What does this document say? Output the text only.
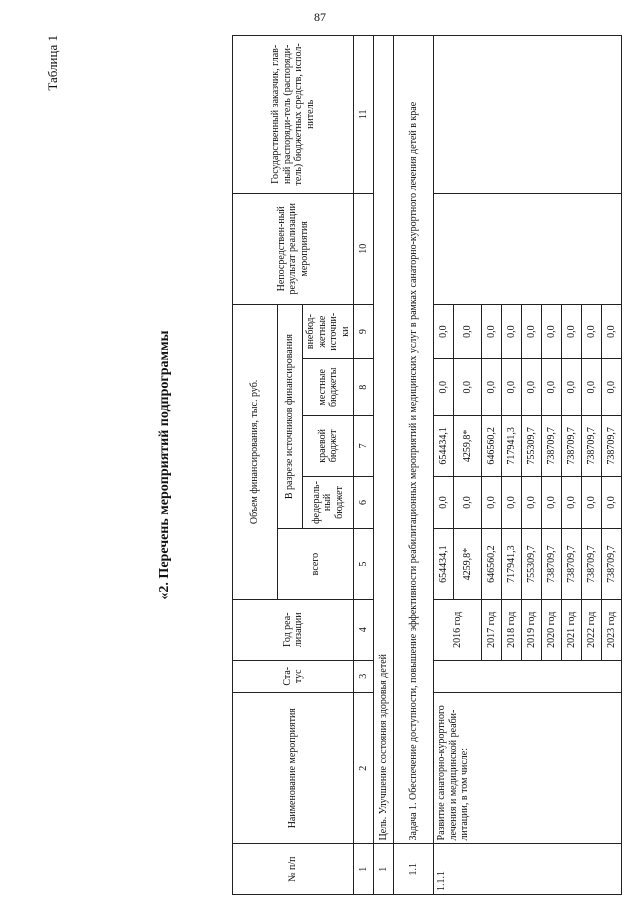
87
Таблица 1
«2. Перечень мероприятий подпрограммы
№ п/п	Наименование мероприятия	Ста-тус	Год реа-лизации	Объем финансирования, тыс. руб.					Непосредствен-ный результат реализации мероприятия	Государственный заказчик, глав-ный распоряди-тель (распоряди-тель) бюджетных средств, испол-нитель
				всего	В разрезе источников финансирования					
					федераль-ный бюджет	краевой бюджет	местные бюджеты	внебюд-жетные источни-ки		
1	2	3	4	5	6	7	8	9	10	11
1	Цель. Улучшение состояния здоровья детей									
1.1	Задача 1. Обеспечение доступности, повышение эффективности реабилитационных мероприятий и медицинских услуг в рамках санаторно-курортного лечения детей в крае									
1.1.1	Развитие санаторно-курортного лечения и медицинской реаби-литации, в том числе:		2016 год	654434,1	0,0	654434,1	0,0	0,0		
				4259,8*	0,0	4259,8*	0,0	0,0		
			2017 год	646560,2	0,0	646560,2	0,0	0,0		
			2018 год	717941,3	0,0	717941,3	0,0	0,0		
			2019 год	755309,7	0,0	755309,7	0,0	0,0		
			2020 год	738709,7	0,0	738709,7	0,0	0,0		
			2021 год	738709,7	0,0	738709,7	0,0	0,0		
			2022 год	738709,7	0,0	738709,7	0,0	0,0		
			2023 год	738709,7	0,0	738709,7	0,0	0,0		
